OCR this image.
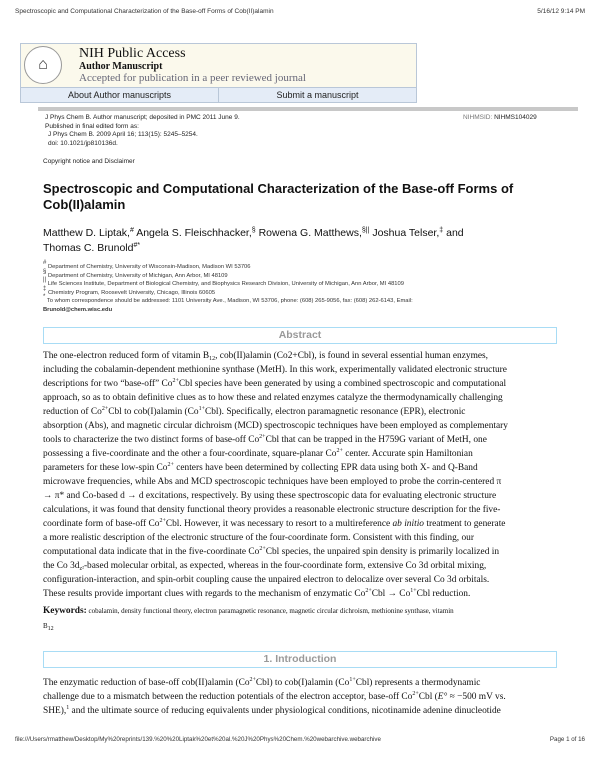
Spectroscopic and Computational Characterization of the Base-off Forms of Cob(II)alamin	5/16/12 9:14 PM
⌂
NIH Public Access
Author Manuscript
Accepted for publication in a peer reviewed journal
About Author manuscripts	Submit a manuscript
J Phys Chem B. Author manuscript; deposited in PMC 2011 June 9.
Published in final edited form as:
J Phys Chem B. 2009 April 16; 113(15): 5245–5254.
doi: 10.1021/jp810136d.
NIHMSID: NIHMS104029
Copyright notice and Disclaimer
Spectroscopic and Computational Characterization of the Base-off Forms of Cob(II)alamin
Matthew D. Liptak,# Angela S. Fleischhacker,§ Rowena G. Matthews,§|| Joshua Telser,‡ and
Thomas C. Brunold#*
# Department of Chemistry, University of Wisconsin-Madison, Madison WI 53706
§ Department of Chemistry, University of Michigan, Ann Arbor, MI 48109
|| Life Sciences Institute, Department of Biological Chemistry, and Biophysics Research Division, University of Michigan, Ann Arbor, MI 48109
‡ Chemistry Program, Roosevelt University, Chicago, Illinois 60605
* To whom correspondence should be addressed: 1101 University Ave., Madison, WI 53706, phone: (608) 265-9056, fax: (608) 262-6143, Email:
Brunold@chem.wisc.edu
Abstract
The one-electron reduced form of vitamin $B_{12}$, cob(II)alamin (Co2+Cbl), is found in several essential human enzymes,
including the cobalamin-dependent methionine synthase (MetH). In this work, experimentally validated electronic structure
descriptions for two “base-off” $Co^{2+}Cbl$ species have been generated by using a combined spectroscopic and computational
approach, so as to obtain definitive clues as to how these and related enzymes catalyze the thermodynamically challenging
reduction of $Co^{2+}Cbl$ to cob(I)alamin $(Co^{1+}Cbl)$. Specifically, electron paramagnetic resonance (EPR), electronic
absorption (Abs), and magnetic circular dichroism (MCD) spectroscopic techniques have been employed as complementary
tools to characterize the two distinct forms of base-off $Co^{2+}Cbl$ that can be trapped in the H759G variant of MetH, one
possessing a five-coordinate and the other a four-coordinate, square-planar $Co^{2+}$ center. Accurate spin Hamiltonian
parameters for these low-spin $Co^{2+}$ centers have been determined by collecting EPR data using both X- and Q-Band
microwave frequencies, while Abs and MCD spectroscopic techniques have been employed to probe the corrin-centered π
→ π* and Co-based d → d excitations, respectively. By using these spectroscopic data for evaluating electronic structure
calculations, it was found that density functional theory provides a reasonable electronic structure description for the five-
coordinate form of base-off $Co^{2+}Cbl$. However, it was necessary to resort to a multireference ab initio treatment to generate
a more realistic description of the electronic structure of the four-coordinate form. Consistent with this finding, our
computational data indicate that in the five-coordinate $Co^{2+}Cbl$ species, the unpaired spin density is primarily localized in
the Co $3d_{z^2}$-based molecular orbital, as expected, whereas in the four-coordinate form, extensive Co 3d orbital mixing,
configuration-interaction, and spin-orbit coupling cause the unpaired electron to delocalize over several Co 3d orbitals.
These results provide important clues with regards to the mechanism of enzymatic $Co^{2+}Cbl \to Co^{1+}Cbl$ reduction.
Keywords: cobalamin, density functional theory, electron paramagnetic resonance, magnetic circular dichroism, methionine synthase, vitamin
$B_{12}$
1. Introduction
The enzymatic reduction of base-off cob(II)alamin $(Co^{2+}Cbl)$ to cob(I)alamin $(Co^{1+}Cbl)$ represents a thermodynamic
challenge due to a mismatch between the reduction potentials of the electron acceptor, base-off $Co^{2+}Cbl$ (E° ≈ −500 mV vs.
SHE),$^1$ and the ultimate source of reducing equivalents under physiological conditions, nicotinamide adenine dinucleotide
file:///Users/rmatthew/Desktop/My%20reprints/139.%20%20Liptak%20et%20al.%20J%20Phys%20Chem.%20webarchive.webarchive	Page 1 of 16
